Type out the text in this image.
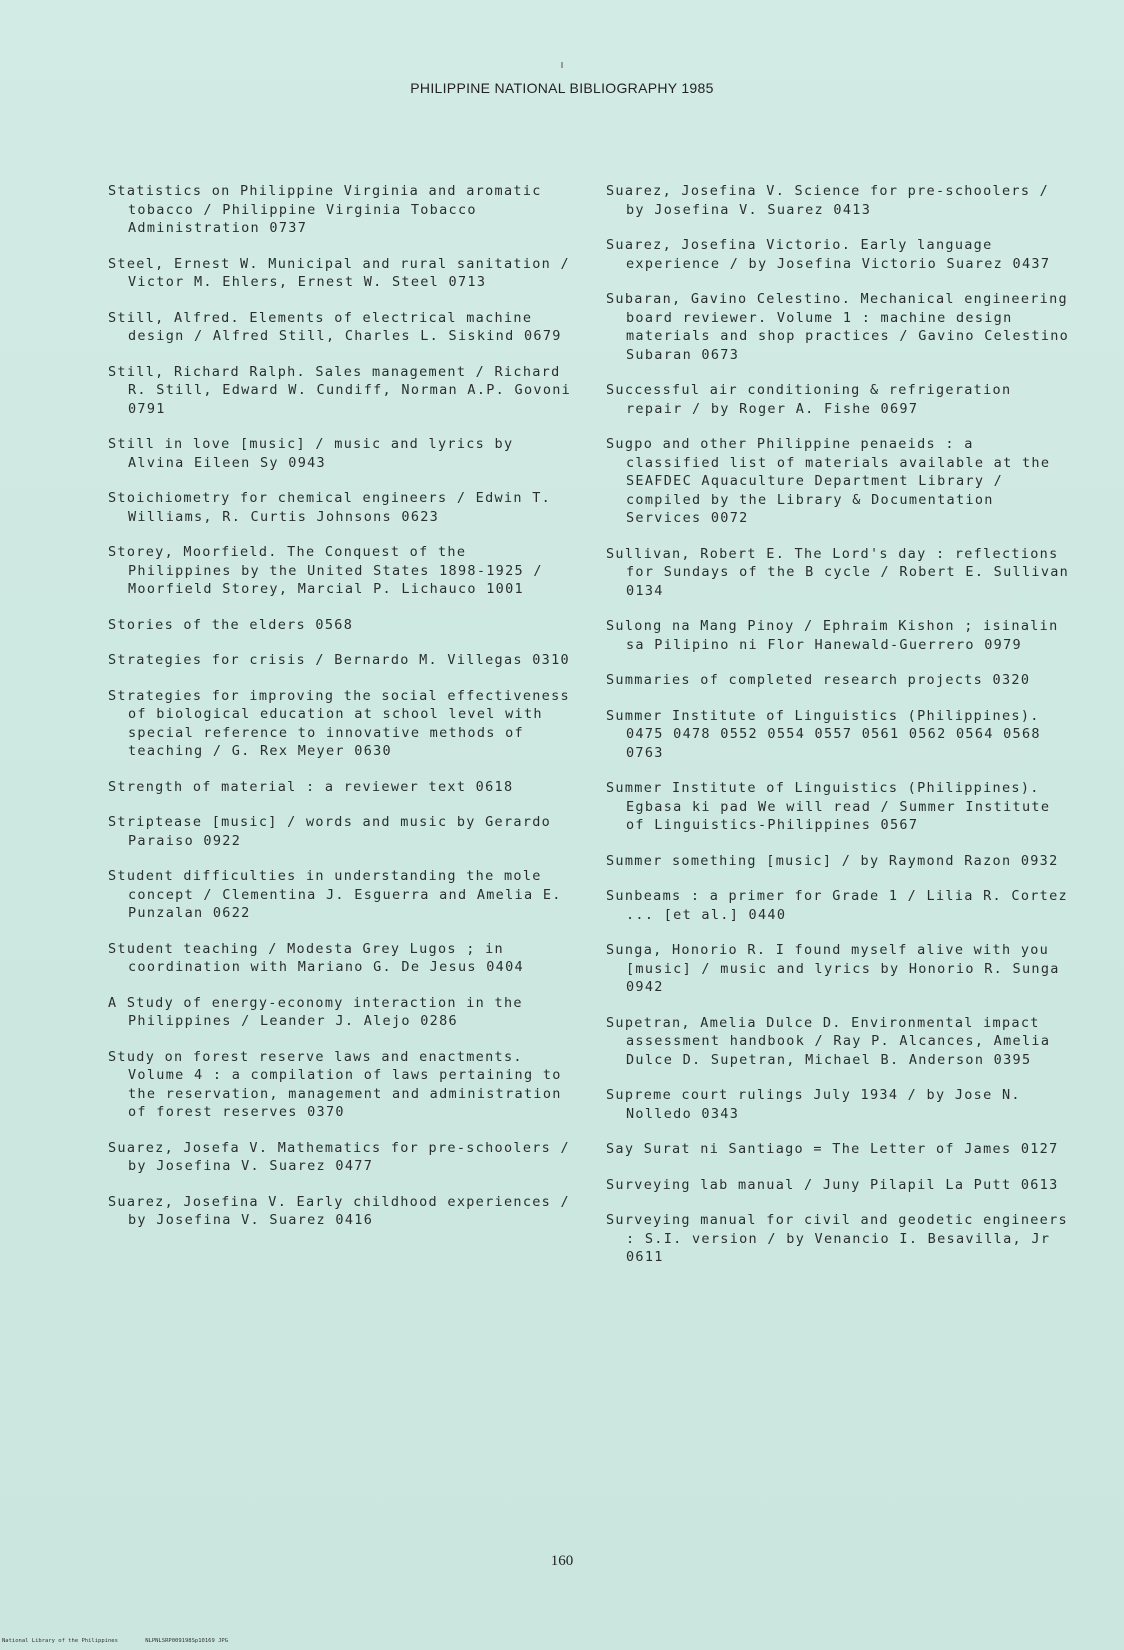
PHILIPPINE NATIONAL BIBLIOGRAPHY 1985
Statistics on Philippine Virginia and aromatic tobacco / Philippine Virginia Tobacco Administration 0737
Steel, Ernest W. Municipal and rural sanitation / Victor M. Ehlers, Ernest W. Steel 0713
Still, Alfred. Elements of electrical machine design / Alfred Still, Charles L. Siskind 0679
Still, Richard Ralph. Sales management / Richard R. Still, Edward W. Cundiff, Norman A.P. Govoni 0791
Still in love [music] / music and lyrics by Alvina Eileen Sy 0943
Stoichiometry for chemical engineers / Edwin T. Williams, R. Curtis Johnsons 0623
Storey, Moorfield. The Conquest of the Philippines by the United States 1898-1925 / Moorfield Storey, Marcial P. Lichauco 1001
Stories of the elders 0568
Strategies for crisis / Bernardo M. Villegas 0310
Strategies for improving the social effectiveness of biological education at school level with special reference to innovative methods of teaching / G. Rex Meyer 0630
Strength of material : a reviewer text 0618
Striptease [music] / words and music by Gerardo Paraiso 0922
Student difficulties in understanding the mole concept / Clementina J. Esguerra and Amelia E. Punzalan 0622
Student teaching / Modesta Grey Lugos ; in coordination with Mariano G. De Jesus 0404
A Study of energy-economy interaction in the Philippines / Leander J. Alejo 0286
Study on forest reserve laws and enactments. Volume 4 : a compilation of laws pertaining to the reservation, management and administration of forest reserves 0370
Suarez, Josefa V. Mathematics for pre-schoolers / by Josefina V. Suarez 0477
Suarez, Josefina V. Early childhood experiences / by Josefina V. Suarez 0416
Suarez, Josefina V. Science for pre-schoolers / by Josefina V. Suarez 0413
Suarez, Josefina Victorio. Early language experience / by Josefina Victorio Suarez 0437
Subaran, Gavino Celestino. Mechanical engineering board reviewer. Volume 1 : machine design materials and shop practices / Gavino Celestino Subaran 0673
Successful air conditioning & refrigeration repair / by Roger A. Fishe 0697
Sugpo and other Philippine penaeids : a classified list of materials available at the SEAFDEC Aquaculture Department Library / compiled by the Library & Documentation Services 0072
Sullivan, Robert E. The Lord's day : reflections for Sundays of the B cycle / Robert E. Sullivan 0134
Sulong na Mang Pinoy / Ephraim Kishon ; isinalin sa Pilipino ni Flor Hanewald-Guerrero 0979
Summaries of completed research projects 0320
Summer Institute of Linguistics (Philippines). 0475 0478 0552 0554 0557 0561 0562 0564 0568 0763
Summer Institute of Linguistics (Philippines). Egbasa ki pad We will read / Summer Institute of Linguistics-Philippines 0567
Summer something [music] / by Raymond Razon 0932
Sunbeams : a primer for Grade 1 / Lilia R. Cortez ... [et al.] 0440
Sunga, Honorio R. I found myself alive with you [music] / music and lyrics by Honorio R. Sunga 0942
Supetran, Amelia Dulce D. Environmental impact assessment handbook / Ray P. Alcances, Amelia Dulce D. Supetran, Michael B. Anderson 0395
Supreme court rulings July 1934 / by Jose N. Nolledo 0343
Say Surat ni Santiago = The Letter of James 0127
Surveying lab manual / Juny Pilapil La Putt 0613
Surveying manual for civil and geodetic engineers : S.I. version / by Venancio I. Besavilla, Jr 0611
160
National Library of the Philippines	NLPNLSRP009198Sp10169 JPG
